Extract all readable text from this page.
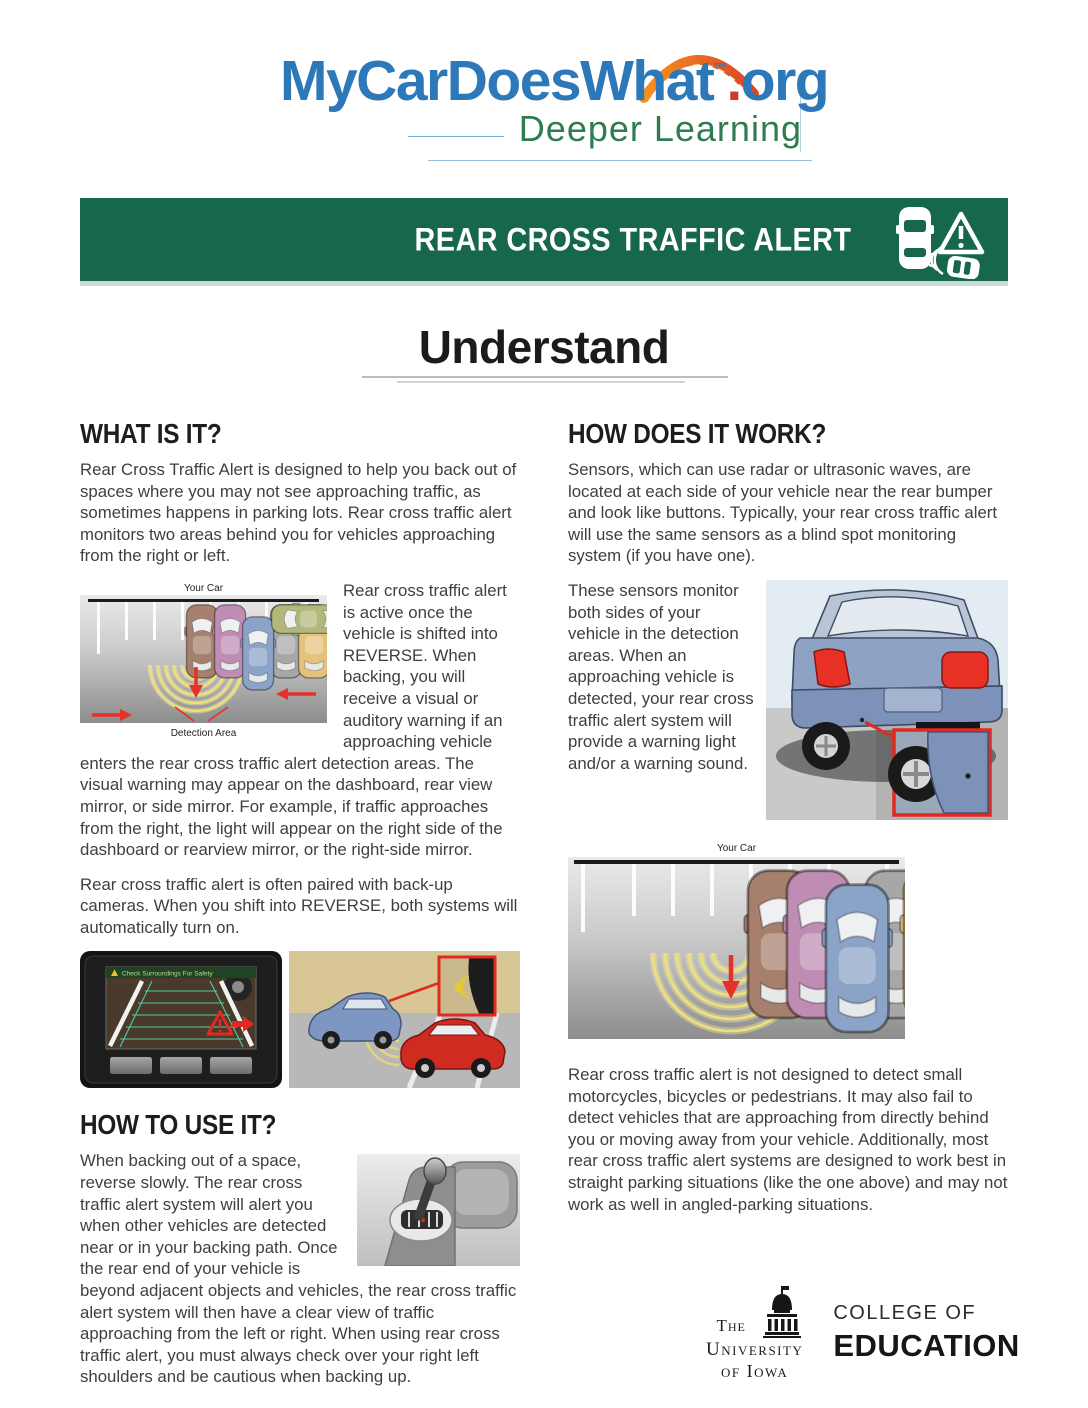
MyCarDoesWhat™.org
Deeper Learning
REAR CROSS TRAFFIC ALERT
Understand
WHAT IS IT?

Rear Cross Traffic Alert is designed to help you back out of spaces where you may not see approaching traffic, as sometimes happens in parking lots. Rear cross traffic alert monitors two areas behind you for vehicles approaching from the right or left.

Your Car
Detection Area

Rear cross traffic alert is active once the vehicle is shifted into REVERSE. When backing, you will receive a visual or auditory warning if an approaching vehicle enters the rear cross traffic alert detection areas. The visual warning may appear on the dashboard, rear view mirror, or side mirror. For example, if traffic approaches from the right, the light will appear on the right side of the dashboard or rearview mirror, or the right-side mirror.

Rear cross traffic alert is often paired with back-up cameras. When you shift into REVERSE, both systems will automatically turn on.

Check Surroundings For Safety
HOW TO USE IT?

When backing out of a space, reverse slowly. The rear cross traffic alert system will alert you when other vehicles are detected near or in your backing path. Once the rear end of your vehicle is beyond adjacent objects and vehicles, the rear cross traffic alert system will then have a clear view of traffic approaching from the left or right. When using rear cross traffic alert, you must always check over your right left shoulders and be cautious when backing up.

HOW DOES IT WORK?

Sensors, which can use radar or ultrasonic waves, are located at each side of your vehicle near the rear bumper and look like buttons. Typically, your rear cross traffic alert will use the same sensors as a blind spot monitoring system (if you have one).

These sensors monitor both sides of your vehicle in the detection areas. When an approaching vehicle is detected, your rear cross traffic alert system will provide a warning light and/or a warning sound.

Your Car

Rear cross traffic alert is not designed to detect small motorcycles, bicycles or pedestrians. It may also fail to detect vehicles that are approaching from directly behind you or moving away from your vehicle. Additionally, most rear cross traffic alert systems are designed to work best in straight parking situations (like the one above) and may not work as well in angled-parking situations.

The
University
of Iowa
COLLEGE OF
EDUCATION
